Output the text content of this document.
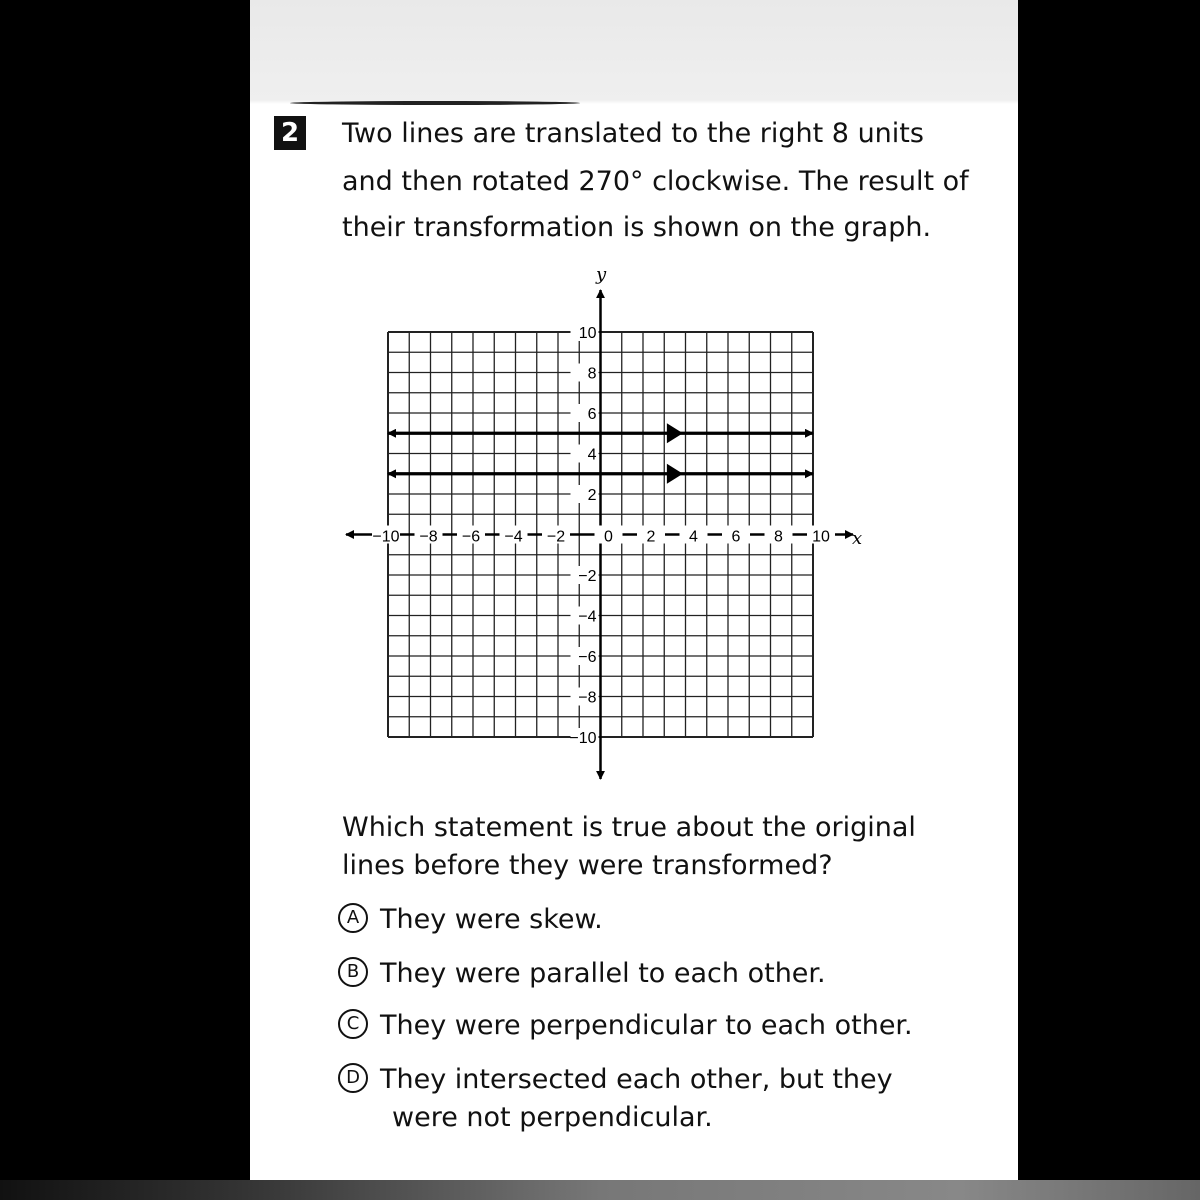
2 Two lines are translated to the right 8 units
and then rotated 270° clockwise. The result of
their transformation is shown on the graph.
−10 −8 −6 −4 −2 0 2 4 6 8 10
10
8
6
4
2
−2
−4
−6
−8
−10
x
y
Which statement is true about the original
lines before they were transformed?
A They were skew.
B They were parallel to each other.
C They were perpendicular to each other.
D They intersected each other, but they
were not perpendicular.
